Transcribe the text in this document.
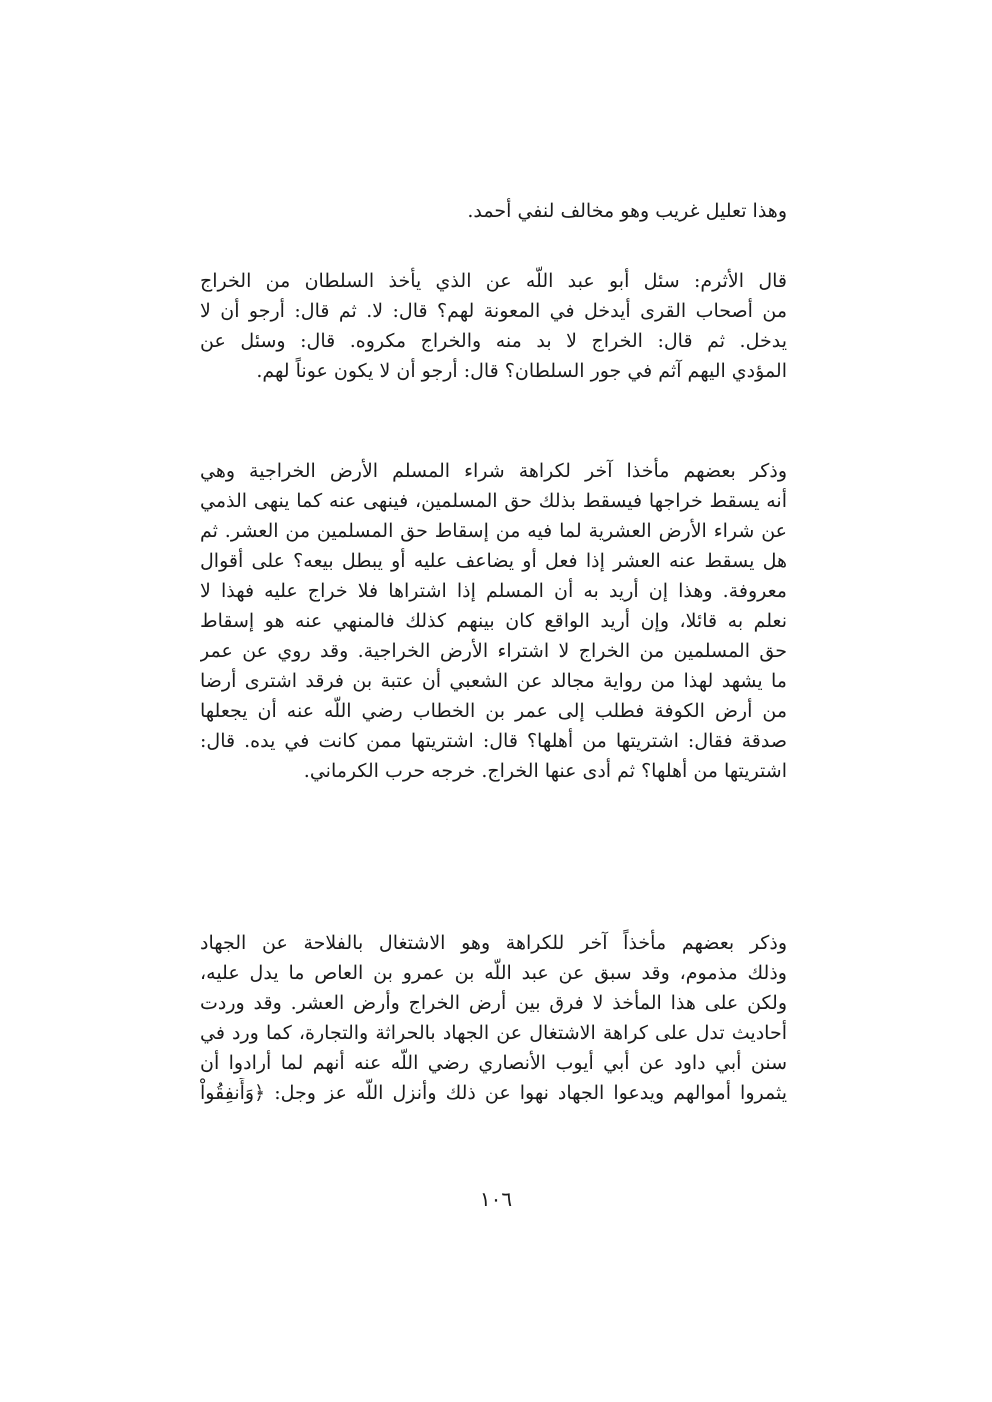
وهذا تعليل غريب وهو مخالف لنفي أحمد.

قال الأثرم: سئل أبو عبد اللّه عن الذي يأخذ السلطان من الخراج
من أصحاب القرى أيدخل في المعونة لهم؟ قال: لا. ثم قال: أرجو أن لا
يدخل. ثم قال: الخراج لا بد منه والخراج مكروه. قال: وسئل عن
المؤدي اليهم آثم في جور السلطان؟ قال: أرجو أن لا يكون عوناً لهم.

وذكر بعضهم مأخذا آخر لكراهة شراء المسلم الأرض الخراجية وهي
أنه يسقط خراجها فيسقط بذلك حق المسلمين، فينهى عنه كما ينهى الذمي
عن شراء الأرض العشرية لما فيه من إسقاط حق المسلمين من العشر. ثم
هل يسقط عنه العشر إذا فعل أو يضاعف عليه أو يبطل بيعه؟ على أقوال
معروفة. وهذا إن أريد به أن المسلم إذا اشتراها فلا خراج عليه فهذا لا
نعلم به قائلا، وإن أريد الواقع كان بينهم كذلك فالمنهي عنه هو إسقاط
حق المسلمين من الخراج لا اشتراء الأرض الخراجية. وقد روي عن عمر
ما يشهد لهذا من رواية مجالد عن الشعبي أن عتبة بن فرقد اشترى أرضا
من أرض الكوفة فطلب إلى عمر بن الخطاب رضي اللّه عنه أن يجعلها
صدقة فقال: اشتريتها من أهلها؟ قال: اشتريتها ممن كانت في يده. قال:
اشتريتها من أهلها؟ ثم أدى عنها الخراج. خرجه حرب الكرماني.

وذكر بعضهم مأخذاً آخر للكراهة وهو الاشتغال بالفلاحة عن الجهاد
وذلك مذموم، وقد سبق عن عبد اللّه بن عمرو بن العاص ما يدل عليه،
ولكن على هذا المأخذ لا فرق بين أرض الخراج وأرض العشر. وقد وردت
أحاديث تدل على كراهة الاشتغال عن الجهاد بالحراثة والتجارة، كما ورد في
سنن أبي داود عن أبي أيوب الأنصاري رضي اللّه عنه أنهم لما أرادوا أن
يثمروا أموالهم ويدعوا الجهاد نهوا عن ذلك وأنزل اللّه عز وجل: ﴿وَأَنفِقُواْ

١٠٦
